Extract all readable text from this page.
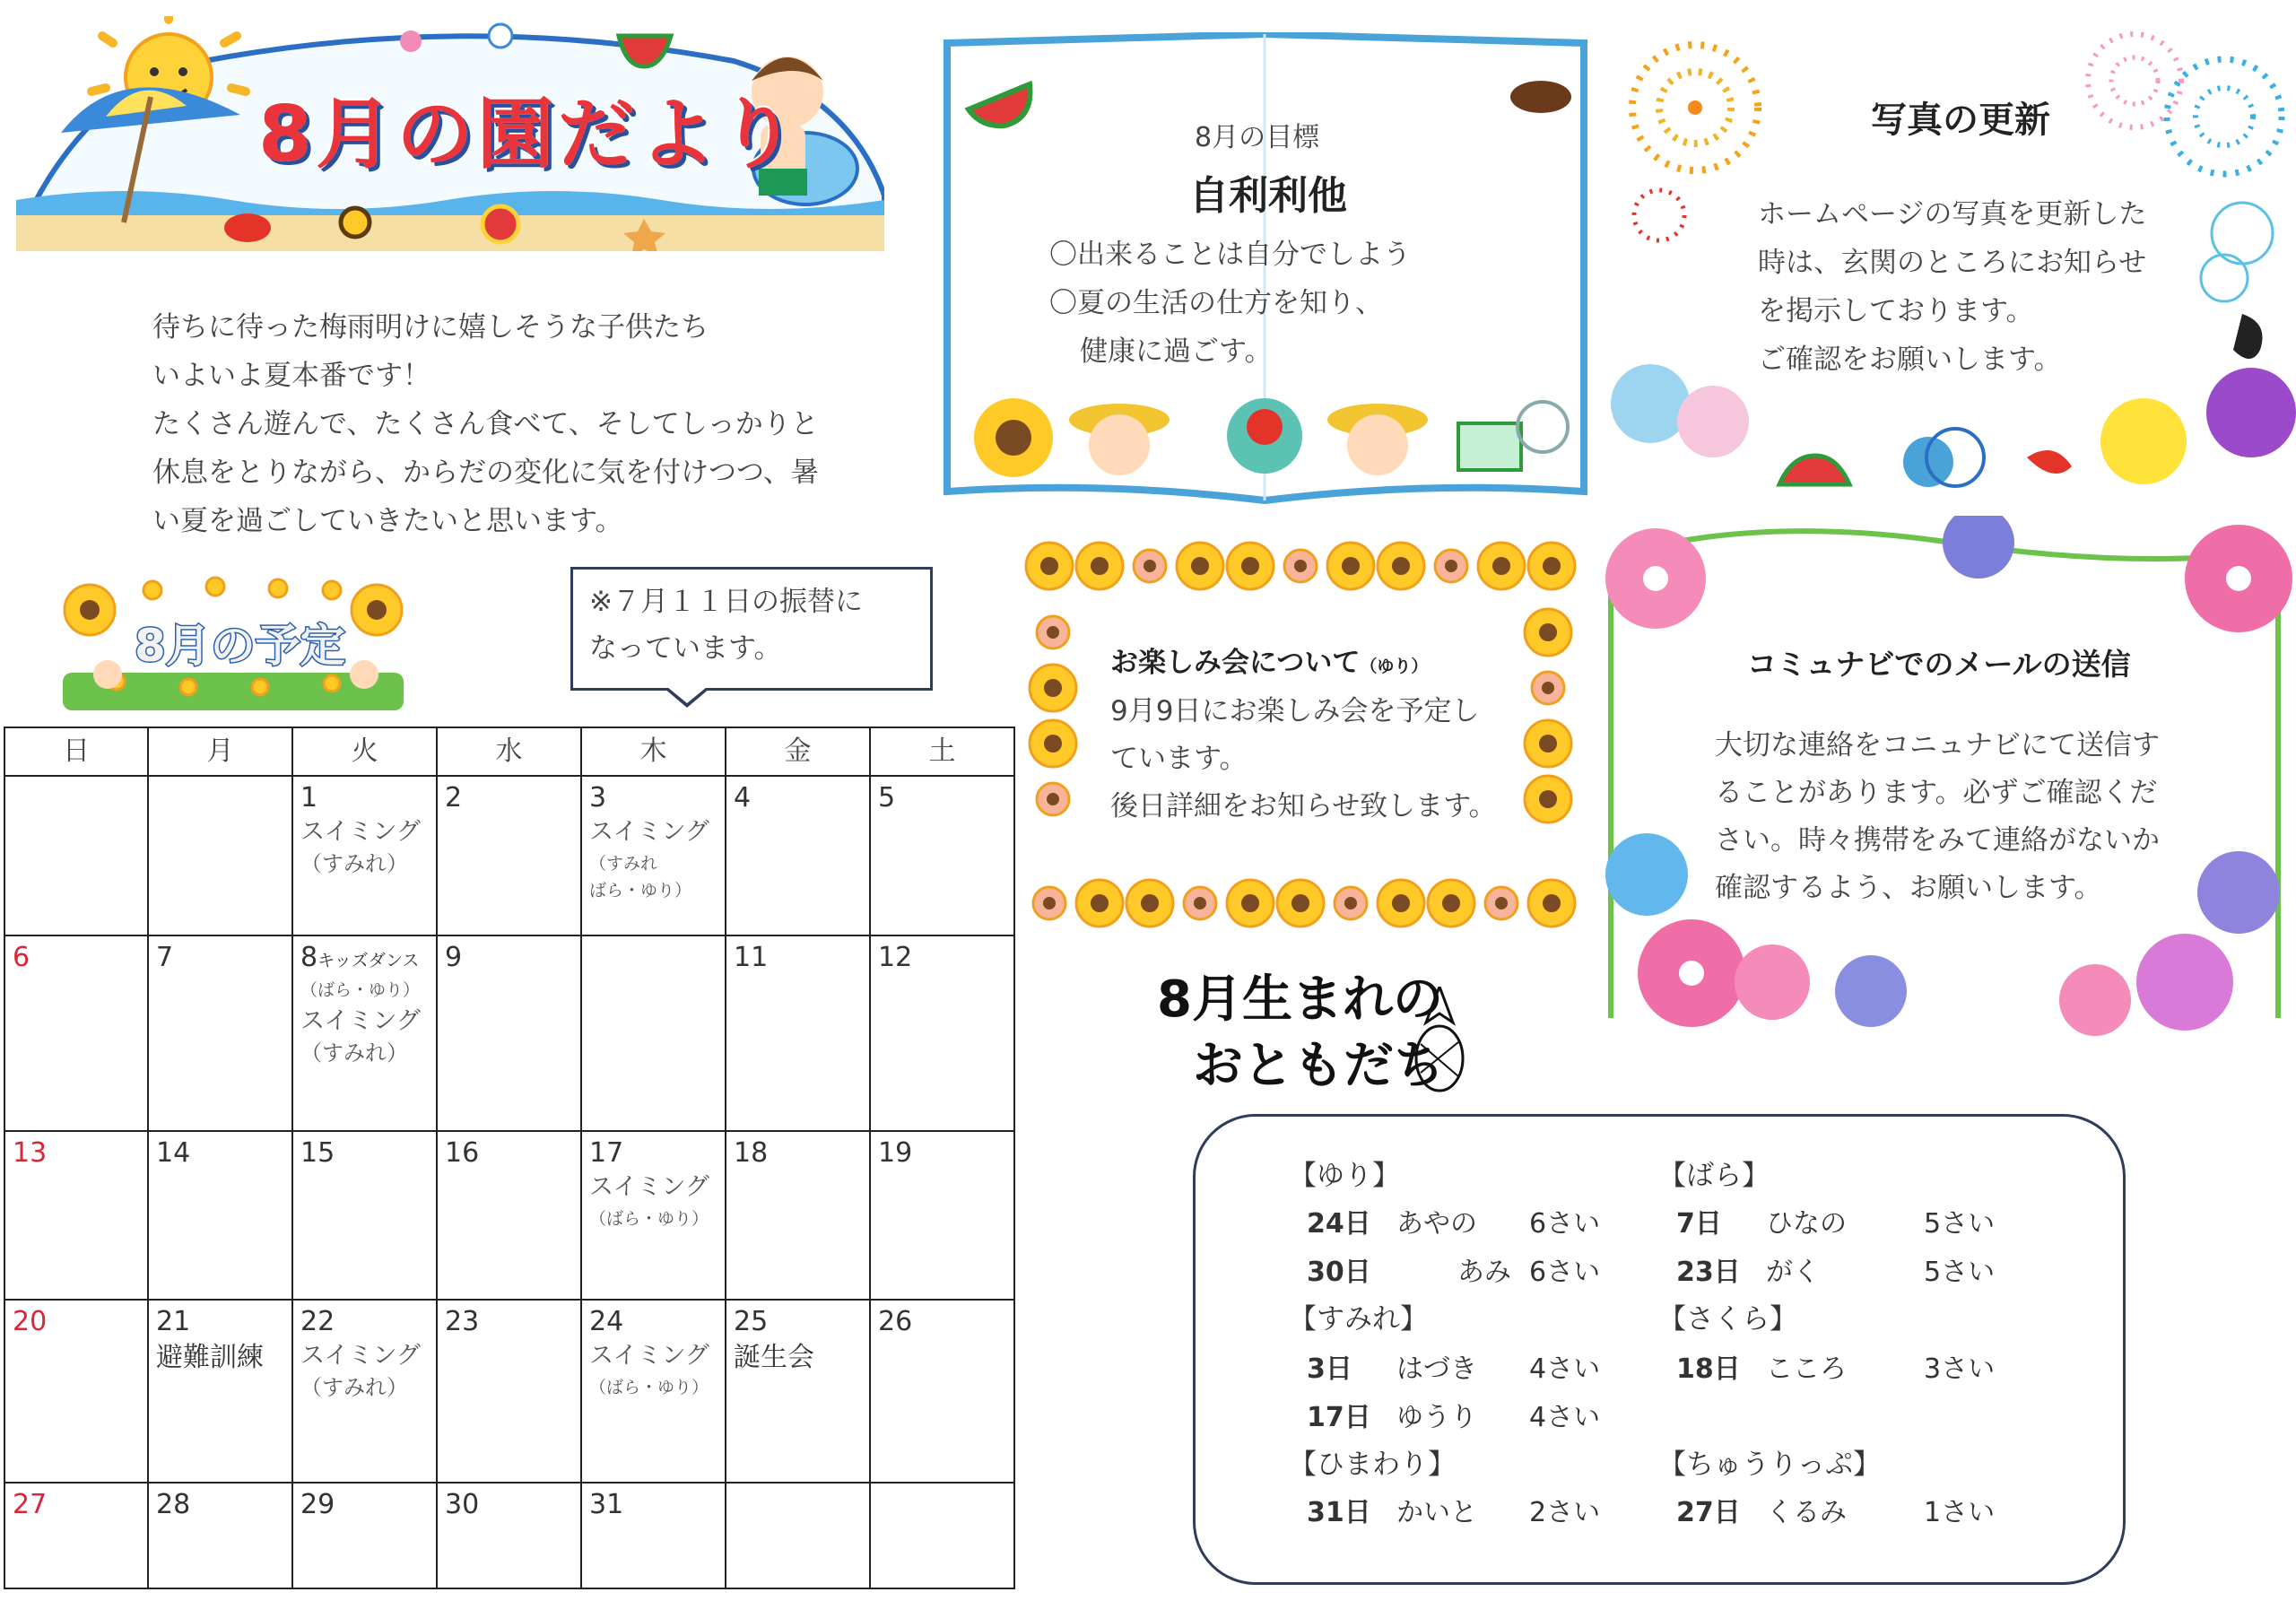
8月の園だより
待ちに待った梅雨明けに嬉しそうな子供たち
いよいよ夏本番です！
たくさん遊んで、たくさん食べて、そしてしっかりと
休息をとりながら、からだの変化に気を付けつつ、暑
い夏を過ごしていきたいと思います。
8月の予定
※７月１１日の振替に
なっています。
日	月	火	水	木	金	土

		1
スイミング
（すみれ）	2	3
スイミング
（すみれ
ばら・ゆり）	4	5

6	7	8キッズダンス
（ばら・ゆり）
スイミング
（すみれ）	9		11	12

13	14	15	16	17
スイミング
（ばら・ゆり）	18	19

20	21
避難訓練	22
スイミング
（すみれ）	23	24
スイミング
（ばら・ゆり）	25
誕生会	26

27	28	29	30	31		

8月の目標
自利利他
〇出来ることは自分でしよう
〇夏の生活の仕方を知り、
健康に過ごす。
写真の更新
ホームページの写真を更新した
時は、玄関のところにお知らせ
を掲示しております。
ご確認をお願いします。
お楽しみ会について（ゆり）
9月9日にお楽しみ会を予定し
ています。
後日詳細をお知らせ致します。
コミュナビでのメールの送信
大切な連絡をコニュナビにて送信す
ることがあります。必ずご確認くだ
さい。時々携帯をみて連絡がないか
確認するよう、お願いします。
8月生まれの
おともだち
【ゆり】
24日 あやの 6さい
30日	あみ 6さい
【すみれ】
3日 はづき 4さい
17日 ゆうり 4さい
【ひまわり】
31日 かいと 2さい
【ばら】
7日 ひなの	5さい
23日 がく	5さい
【さくら】
18日 こころ	3さい
【ちゅうりっぷ】
27日 くるみ	1さい
